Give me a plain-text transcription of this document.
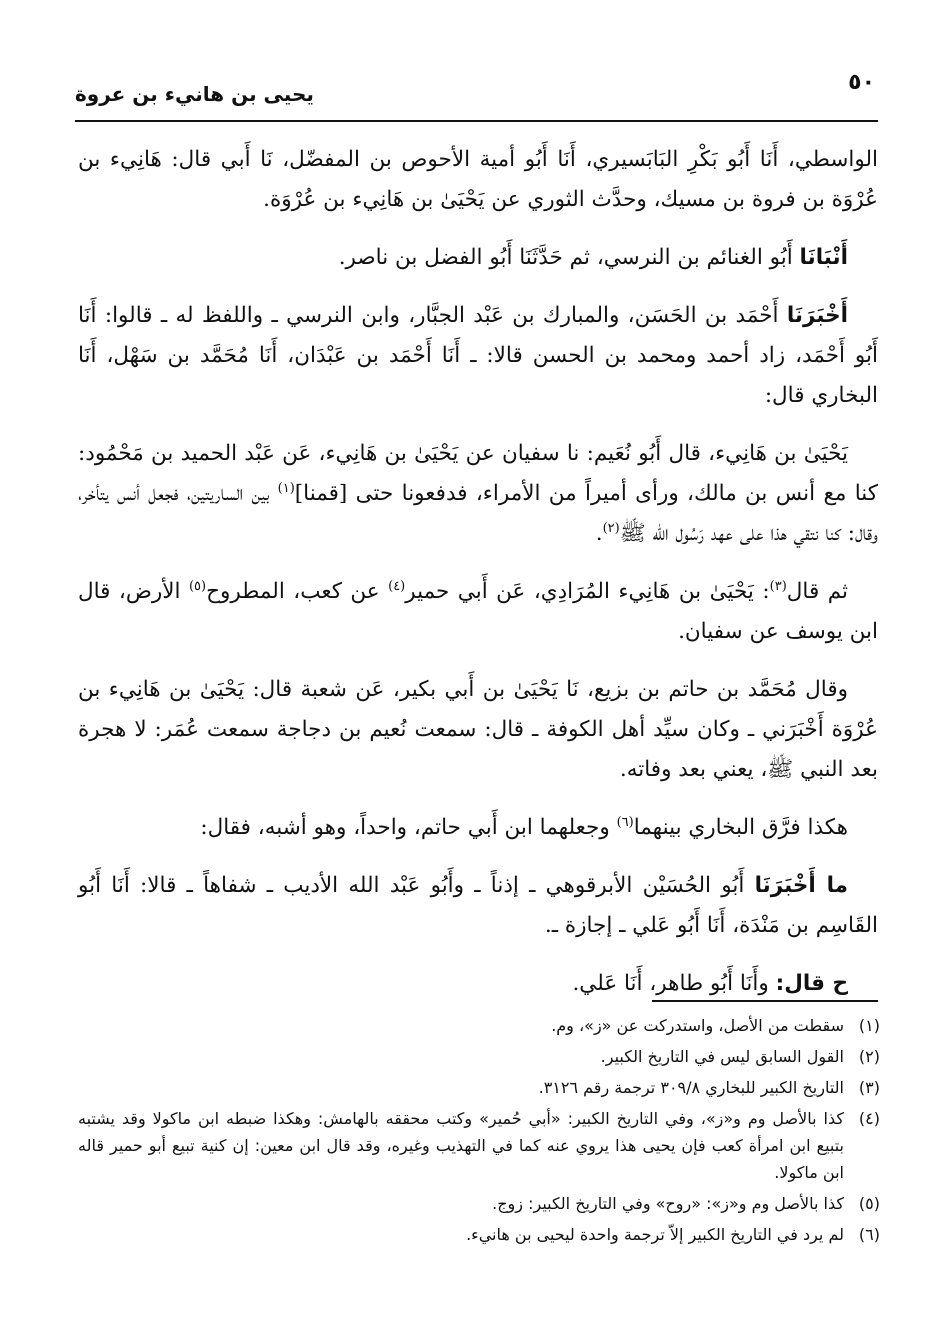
٥٠
يحيى بن هانيء بن عروة

الواسطي، أَنَا أَبُو بَكْرِ البَابَسيري، أَنَا أَبُو أمية الأحوص بن المفضّل، نَا أَبي قال: هَانِيء بن عُرْوَة بن فروة بن مسيك، وحدَّث الثوري عن يَحْيَىٰ بن هَانِيء بن عُرْوَة.

أَنْبَانَا أَبُو الغنائم بن النرسي، ثم حَدَّثَنَا أَبُو الفضل بن ناصر.

أَخْبَرَنَا أَحْمَد بن الحَسَن، والمبارك بن عَبْد الجبَّار، وابن النرسي ـ واللفظ له ـ قالوا: أَنَا أَبُو أَحْمَد، زاد أحمد ومحمد بن الحسن قالا: ـ أَنَا أَحْمَد بن عَبْدَان، أَنَا مُحَمَّد بن سَهْل، أَنَا البخاري قال:

يَحْيَىٰ بن هَانِيء، قال أَبُو نُعَيم: نا سفيان عن يَحْيَىٰ بن هَانِيء، عَن عَبْد الحميد بن مَحْمُود: كنا مع أنس بن مالك، ورأى أميراً من الأمراء، فدفعونا حتى [قمنا]$^{(١)}$ بين الساريتين، فجعل أنس يتأخر، وقال: كنا نتقي هذا على عهد رَسُول الله ﷺ$^{(٢)}$.

ثم قال$^{(٣)}$: يَحْيَىٰ بن هَانِيء المُرَادِي، عَن أَبي حمير$^{(٤)}$ عن كعب، المطروح$^{(٥)}$ الأرض، قال ابن يوسف عن سفيان.

وقال مُحَمَّد بن حاتم بن بزيع، نَا يَحْيَىٰ بن أَبي بكير، عَن شعبة قال: يَحْيَىٰ بن هَانِيء بن عُرْوَة أَخْبَرَني ـ وكان سيِّد أهل الكوفة ـ قال: سمعت نُعيم بن دجاجة سمعت عُمَر: لا هجرة بعد النبي ﷺ، يعني بعد وفاته.

هكذا فرَّق البخاري بينهما$^{(٦)}$ وجعلهما ابن أَبي حاتم، واحداً، وهو أشبه، فقال:

ما أَخْبَرَنَا أَبُو الحُسَيْن الأبرقوهي ـ إذناً ـ وأَبُو عَبْد الله الأديب ـ شفاهاً ـ قالا: أَنَا أَبُو القَاسِم بن مَنْدَة، أَنَا أَبُو عَلي ـ إجازة ـ.

ح قال: وأَنَا أَبُو طاهر، أَنَا عَلي.

(١)
سقطت من الأصل، واستدركت عن «ز»، وم.
(٢)
القول السابق ليس في التاريخ الكبير.
(٣)
التاريخ الكبير للبخاري ٣٠٩/٨ ترجمة رقم ٣١٢٦.
(٤)
كذا بالأصل وم و«ز»، وفي التاريخ الكبير: «أبي حُمير» وكتب محققه بالهامش: وهكذا ضبطه ابن ماكولا وقد يشتبه بتبيع ابن امرأة كعب فإن يحيى هذا يروي عنه كما في التهذيب وغيره، وقد قال ابن معين: إن كنية تبيع أبو حمير قاله ابن ماكولا.
(٥)
كذا بالأصل وم و«ز»: «روح» وفي التاريخ الكبير: زوج.
(٦)
لم يرد في التاريخ الكبير إلاّ ترجمة واحدة ليحيى بن هانيء.
